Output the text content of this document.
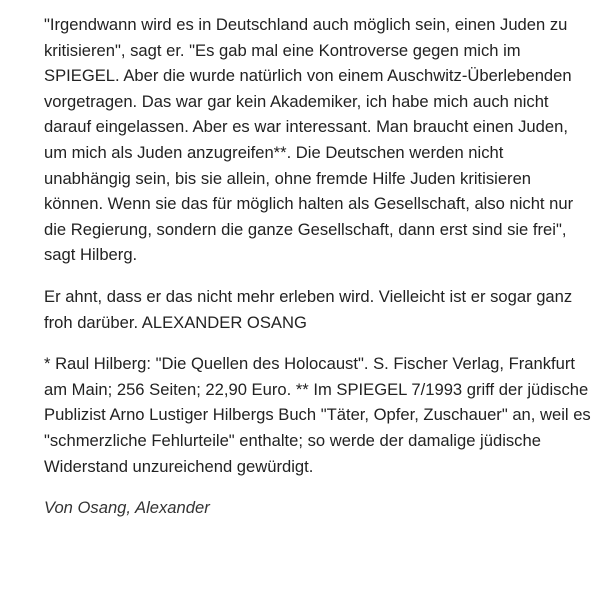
"Irgendwann wird es in Deutschland auch möglich sein, einen Juden zu kritisieren", sagt er. "Es gab mal eine Kontroverse gegen mich im SPIEGEL. Aber die wurde natürlich von einem Auschwitz-Überlebenden vorgetragen. Das war gar kein Akademiker, ich habe mich auch nicht darauf eingelassen. Aber es war interessant. Man braucht einen Juden, um mich als Juden anzugreifen**. Die Deutschen werden nicht unabhängig sein, bis sie allein, ohne fremde Hilfe Juden kritisieren können. Wenn sie das für möglich halten als Gesellschaft, also nicht nur die Regierung, sondern die ganze Gesellschaft, dann erst sind sie frei", sagt Hilberg.

Er ahnt, dass er das nicht mehr erleben wird. Vielleicht ist er sogar ganz froh darüber. ALEXANDER OSANG

* Raul Hilberg: "Die Quellen des Holocaust". S. Fischer Verlag, Frankfurt am Main; 256 Seiten; 22,90 Euro. ** Im SPIEGEL 7/1993 griff der jüdische Publizist Arno Lustiger Hilbergs Buch "Täter, Opfer, Zuschauer" an, weil es "schmerzliche Fehlurteile" enthalte; so werde der damalige jüdische Widerstand unzureichend gewürdigt.

Von Osang, Alexander
